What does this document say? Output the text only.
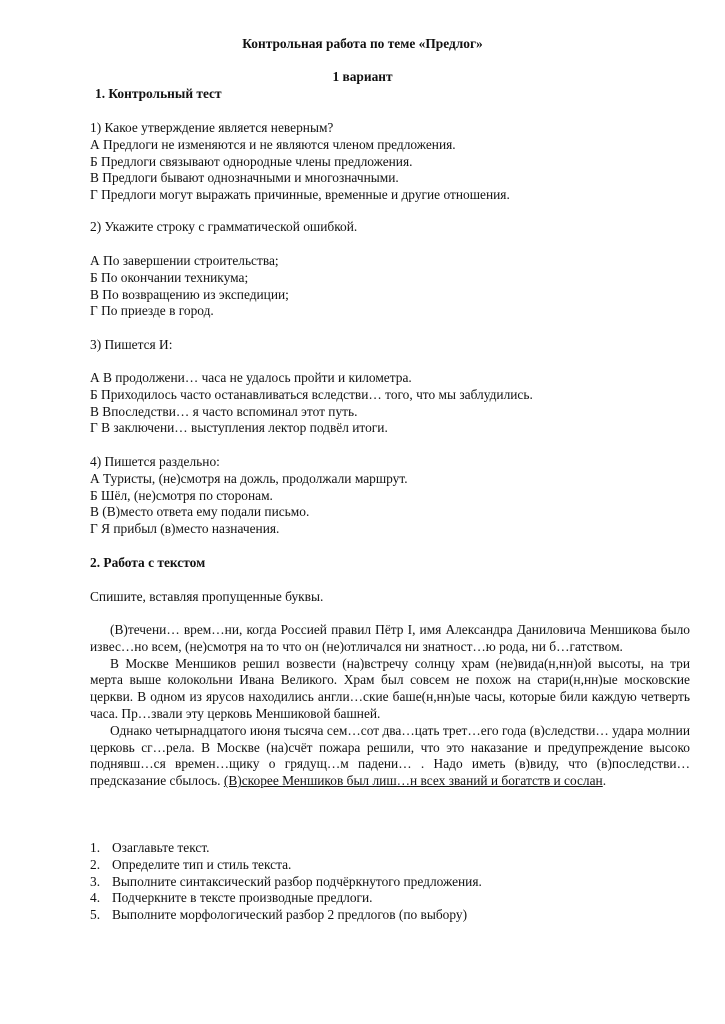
Контрольная работа по теме «Предлог»
1 вариант
1. Контрольный тест
1) Какое утверждение является неверным?
А Предлоги не изменяются и не являются членом предложения.
Б Предлоги связывают однородные члены предложения.
В Предлоги бывают однозначными и многозначными.
Г Предлоги могут выражать причинные, временные и другие отношения.
2) Укажите строку с грамматической ошибкой.
А По завершении строительства;
Б По окончании техникума;
В По возвращению из экспедиции;
Г По приезде в город.
3) Пишется И:
А В продолжени… часа не удалось пройти и километра.
Б Приходилось часто останавливаться вследстви… того, что мы заблудились.
В Впоследстви… я часто вспоминал этот путь.
Г В заключени… выступления лектор подвёл итоги.
4) Пишется раздельно:
А Туристы, (не)смотря на дожль, продолжали маршрут.
Б Шёл, (не)смотря по сторонам.
В (В)место ответа ему подали письмо.
Г Я прибыл (в)место назначения.
2. Работа с текстом
Спишите, вставляя пропущенные буквы.

(В)течени… врем…ни, когда Россией правил Пётр I, имя Александра Даниловича Меншикова было извес…но всем, (не)смотря на то что он (не)отличался ни знатност…ю рода, ни б…гатством.

В Москве Меншиков решил возвести (на)встречу солнцу храм (не)вида(н,нн)ой высоты, на три мерта выше колокольни Ивана Великого. Храм был совсем не похож на стари(н,нн)ые московские церкви. В одном из ярусов находились англи…ские баше(н,нн)ые часы, которые били каждую четверть часа. Пр…звали эту церковь Меншиковой башней.

Однако четырнадцатого июня тысяча сем…сот два…цать трет…его года (в)следстви… удара молнии церковь сг…рела. В Москве (на)счёт пожара решили, что это наказание и предупреждение высоко поднявш…ся времен…щику о грядущ…м падени… . Надо иметь (в)виду, что (в)последстви… предсказание сбылось. (В)скорее Меншиков был лиш…н всех званий и богатств и сослан.

1. Озаглавьте текст.
2. Определите тип и стиль текста.
3. Выполните синтаксический разбор подчёркнутого предложения.
4. Подчеркните в тексте производные предлоги.
5. Выполните морфологический разбор 2 предлогов (по выбору)
